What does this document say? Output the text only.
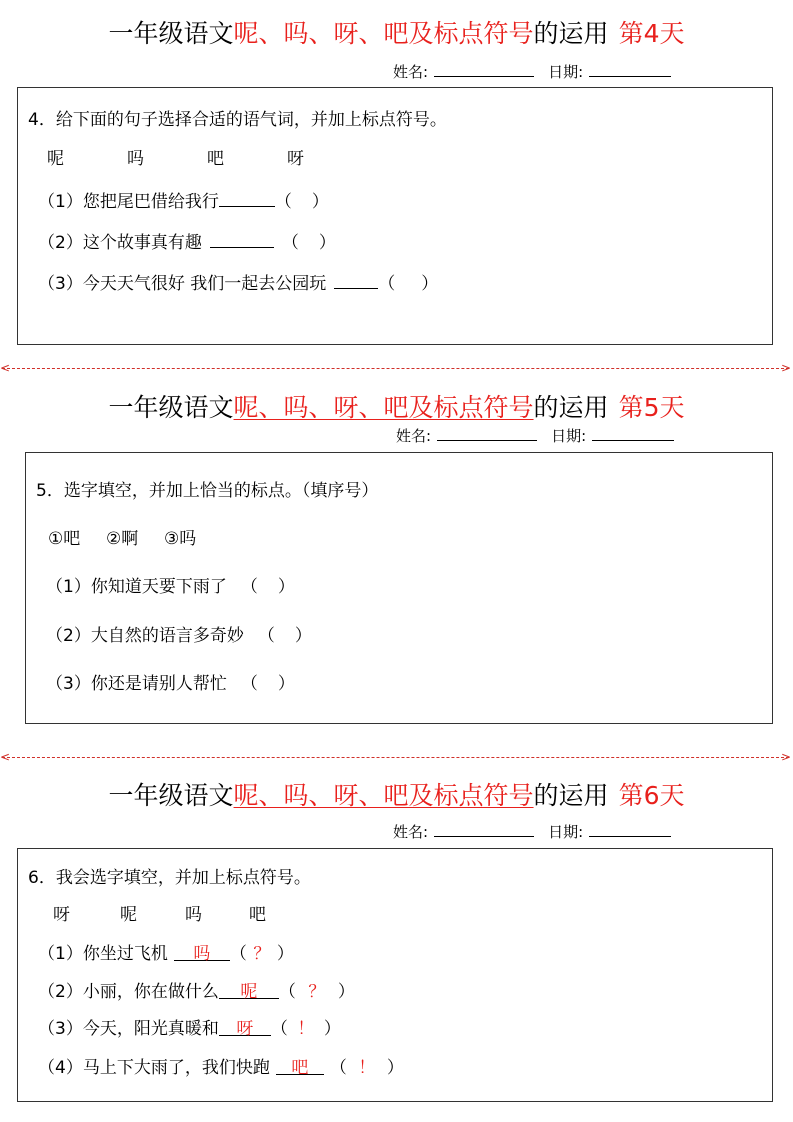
一年级语文呢、吗、呀、吧及标点符号的运用 第4天
姓名:	日期:
4．给下面的句子选择合适的语气词，并加上标点符号。
呢	吗	吧	呀
（1）您把尾巴借给我行	（ ）
（2）这个故事真有趣	（ ）
（3）今天天气很好 我们一起去公园玩	（ ）
<	>
一年级语文呢、吗、呀、吧及标点符号的运用 第5天
姓名:	日期:
5．选字填空，并加上恰当的标点。（填序号）
①吧 ②啊 ③吗
（1）你知道天要下雨了 （ ）
（2）大自然的语言多奇妙 （ ）
（3）你还是请别人帮忙 （ ）
<	>
一年级语文呢、吗、呀、吧及标点符号的运用 第6天
姓名:	日期:
6．我会选字填空，并加上标点符号。
呀	呢	吗	吧
（1）你坐过飞机 吗 （ ？ ）
（2）小丽，你在做什么 呢 （ ？ ）
（3）今天，阳光真暖和 呀 （ ！ ）
（4）马上下大雨了，我们快跑 吧 （ ！ ）
